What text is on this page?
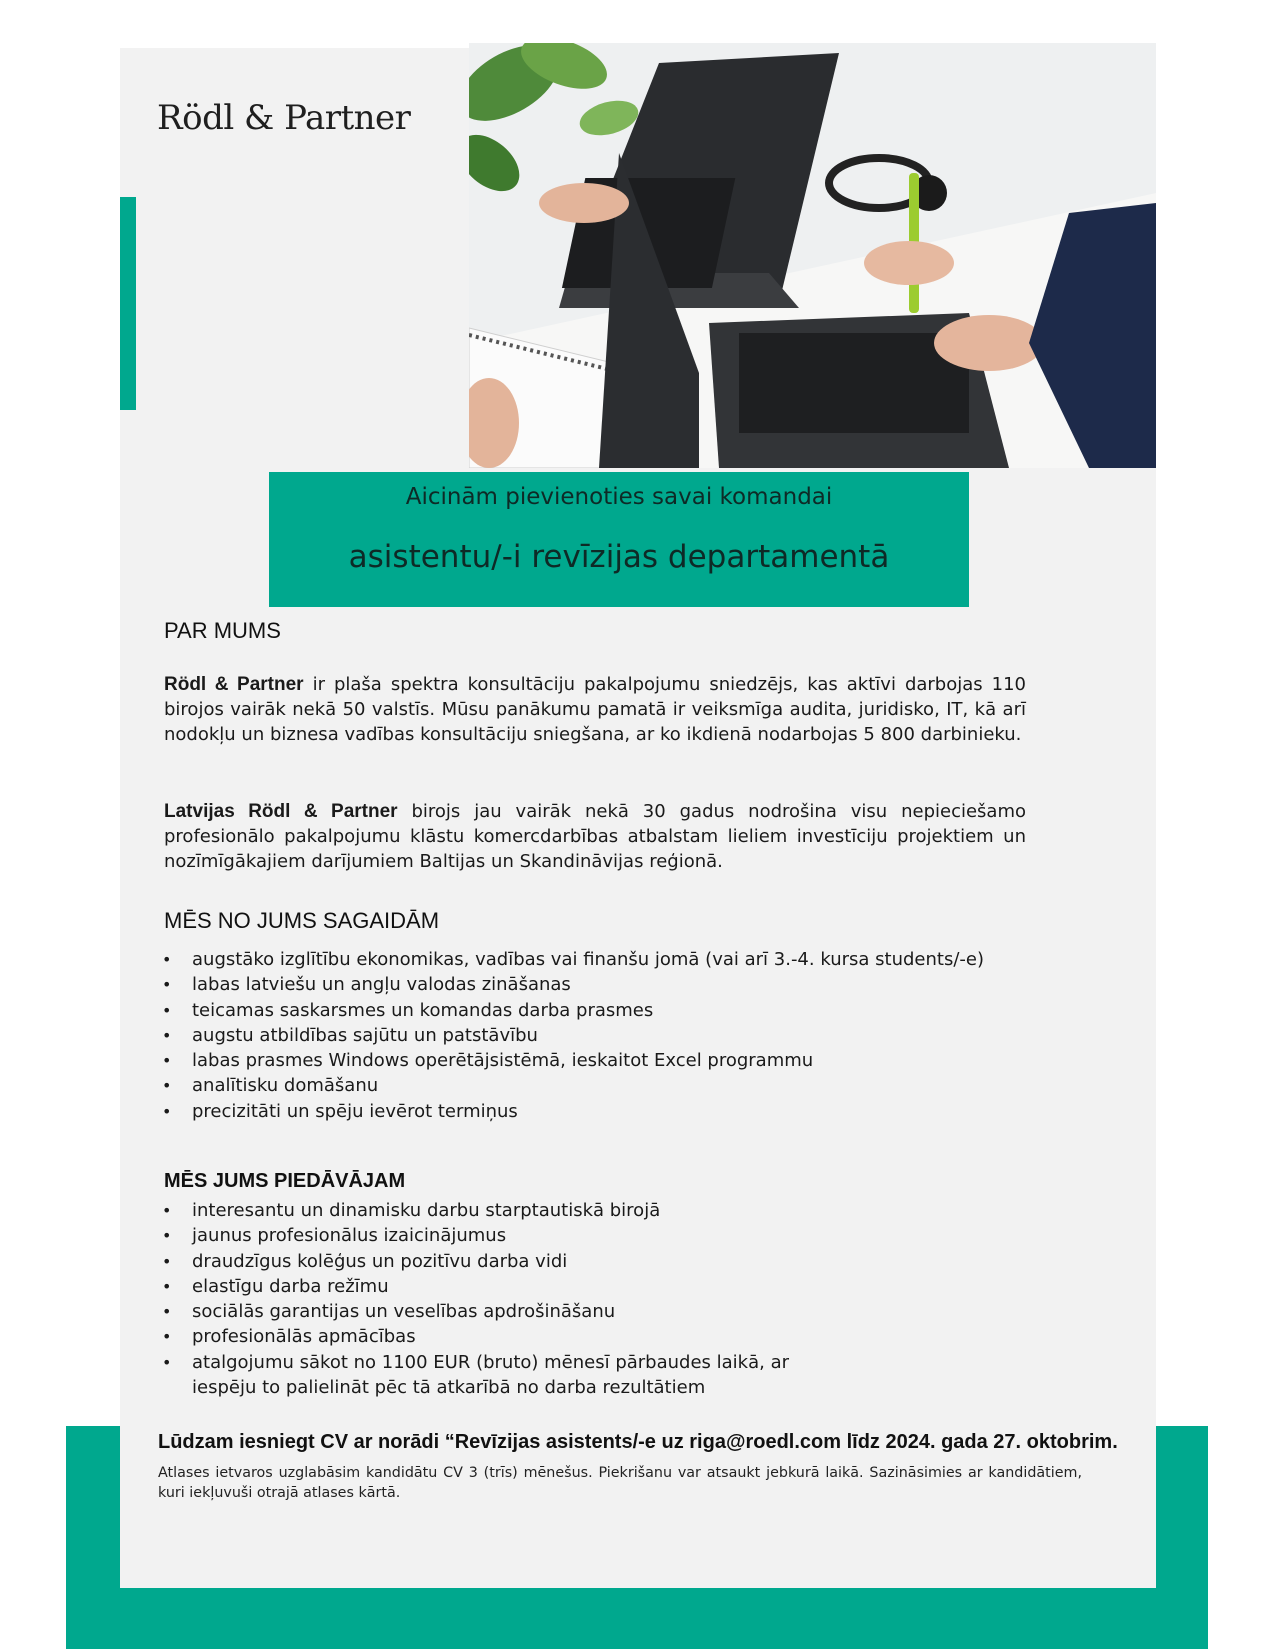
Rödl & Partner
Aicinām pievienoties savai komandai
asistentu/-i revīzijas departamentā
PAR MUMS

Rödl & Partner ir plaša spektra konsultāciju pakalpojumu sniedzējs, kas aktīvi darbojas 110 birojos vairāk nekā 50 valstīs. Mūsu panākumu pamatā ir veiksmīga audita, juridisko, IT, kā arī nodokļu un biznesa vadības konsultāciju sniegšana, ar ko ikdienā nodarbojas 5 800 darbinieku.

Latvijas Rödl & Partner birojs jau vairāk nekā 30 gadus nodrošina visu nepieciešamo profesionālo pakalpojumu klāstu komercdarbības atbalstam lieliem investīciju projektiem un nozīmīgākajiem darījumiem Baltijas un Skandināvijas reģionā.

MĒS NO JUMS SAGAIDĀM
• augstāko izglītību ekonomikas, vadības vai finanšu jomā (vai arī 3.-4. kursa students/-e)
• labas latviešu un angļu valodas zināšanas
• teicamas saskarsmes un komandas darba prasmes
• augstu atbildības sajūtu un patstāvību
• labas prasmes Windows operētājsistēmā, ieskaitot Excel programmu
• analītisku domāšanu
• precizitāti un spēju ievērot termiņus
MĒS JUMS PIEDĀVĀJAM
• interesantu un dinamisku darbu starptautiskā birojā
• jaunus profesionālus izaicinājumus
• draudzīgus kolēģus un pozitīvu darba vidi
• elastīgu darba režīmu
• sociālās garantijas un veselības apdrošināšanu
• profesionālās apmācības
• atalgojumu sākot no 1100 EUR (bruto) mēnesī pārbaudes laikā, ar
iespēju to palielināt pēc tā atkarībā no darba rezultātiem
Lūdzam iesniegt CV ar norādi “Revīzijas asistents/-e uz riga@roedl.com līdz 2024. gada 27. oktobrim.

Atlases ietvaros uzglabāsim kandidātu CV 3 (trīs) mēnešus. Piekrišanu var atsaukt jebkurā laikā. Sazināsimies ar kandidātiem, kuri iekļuvuši otrajā atlases kārtā.
